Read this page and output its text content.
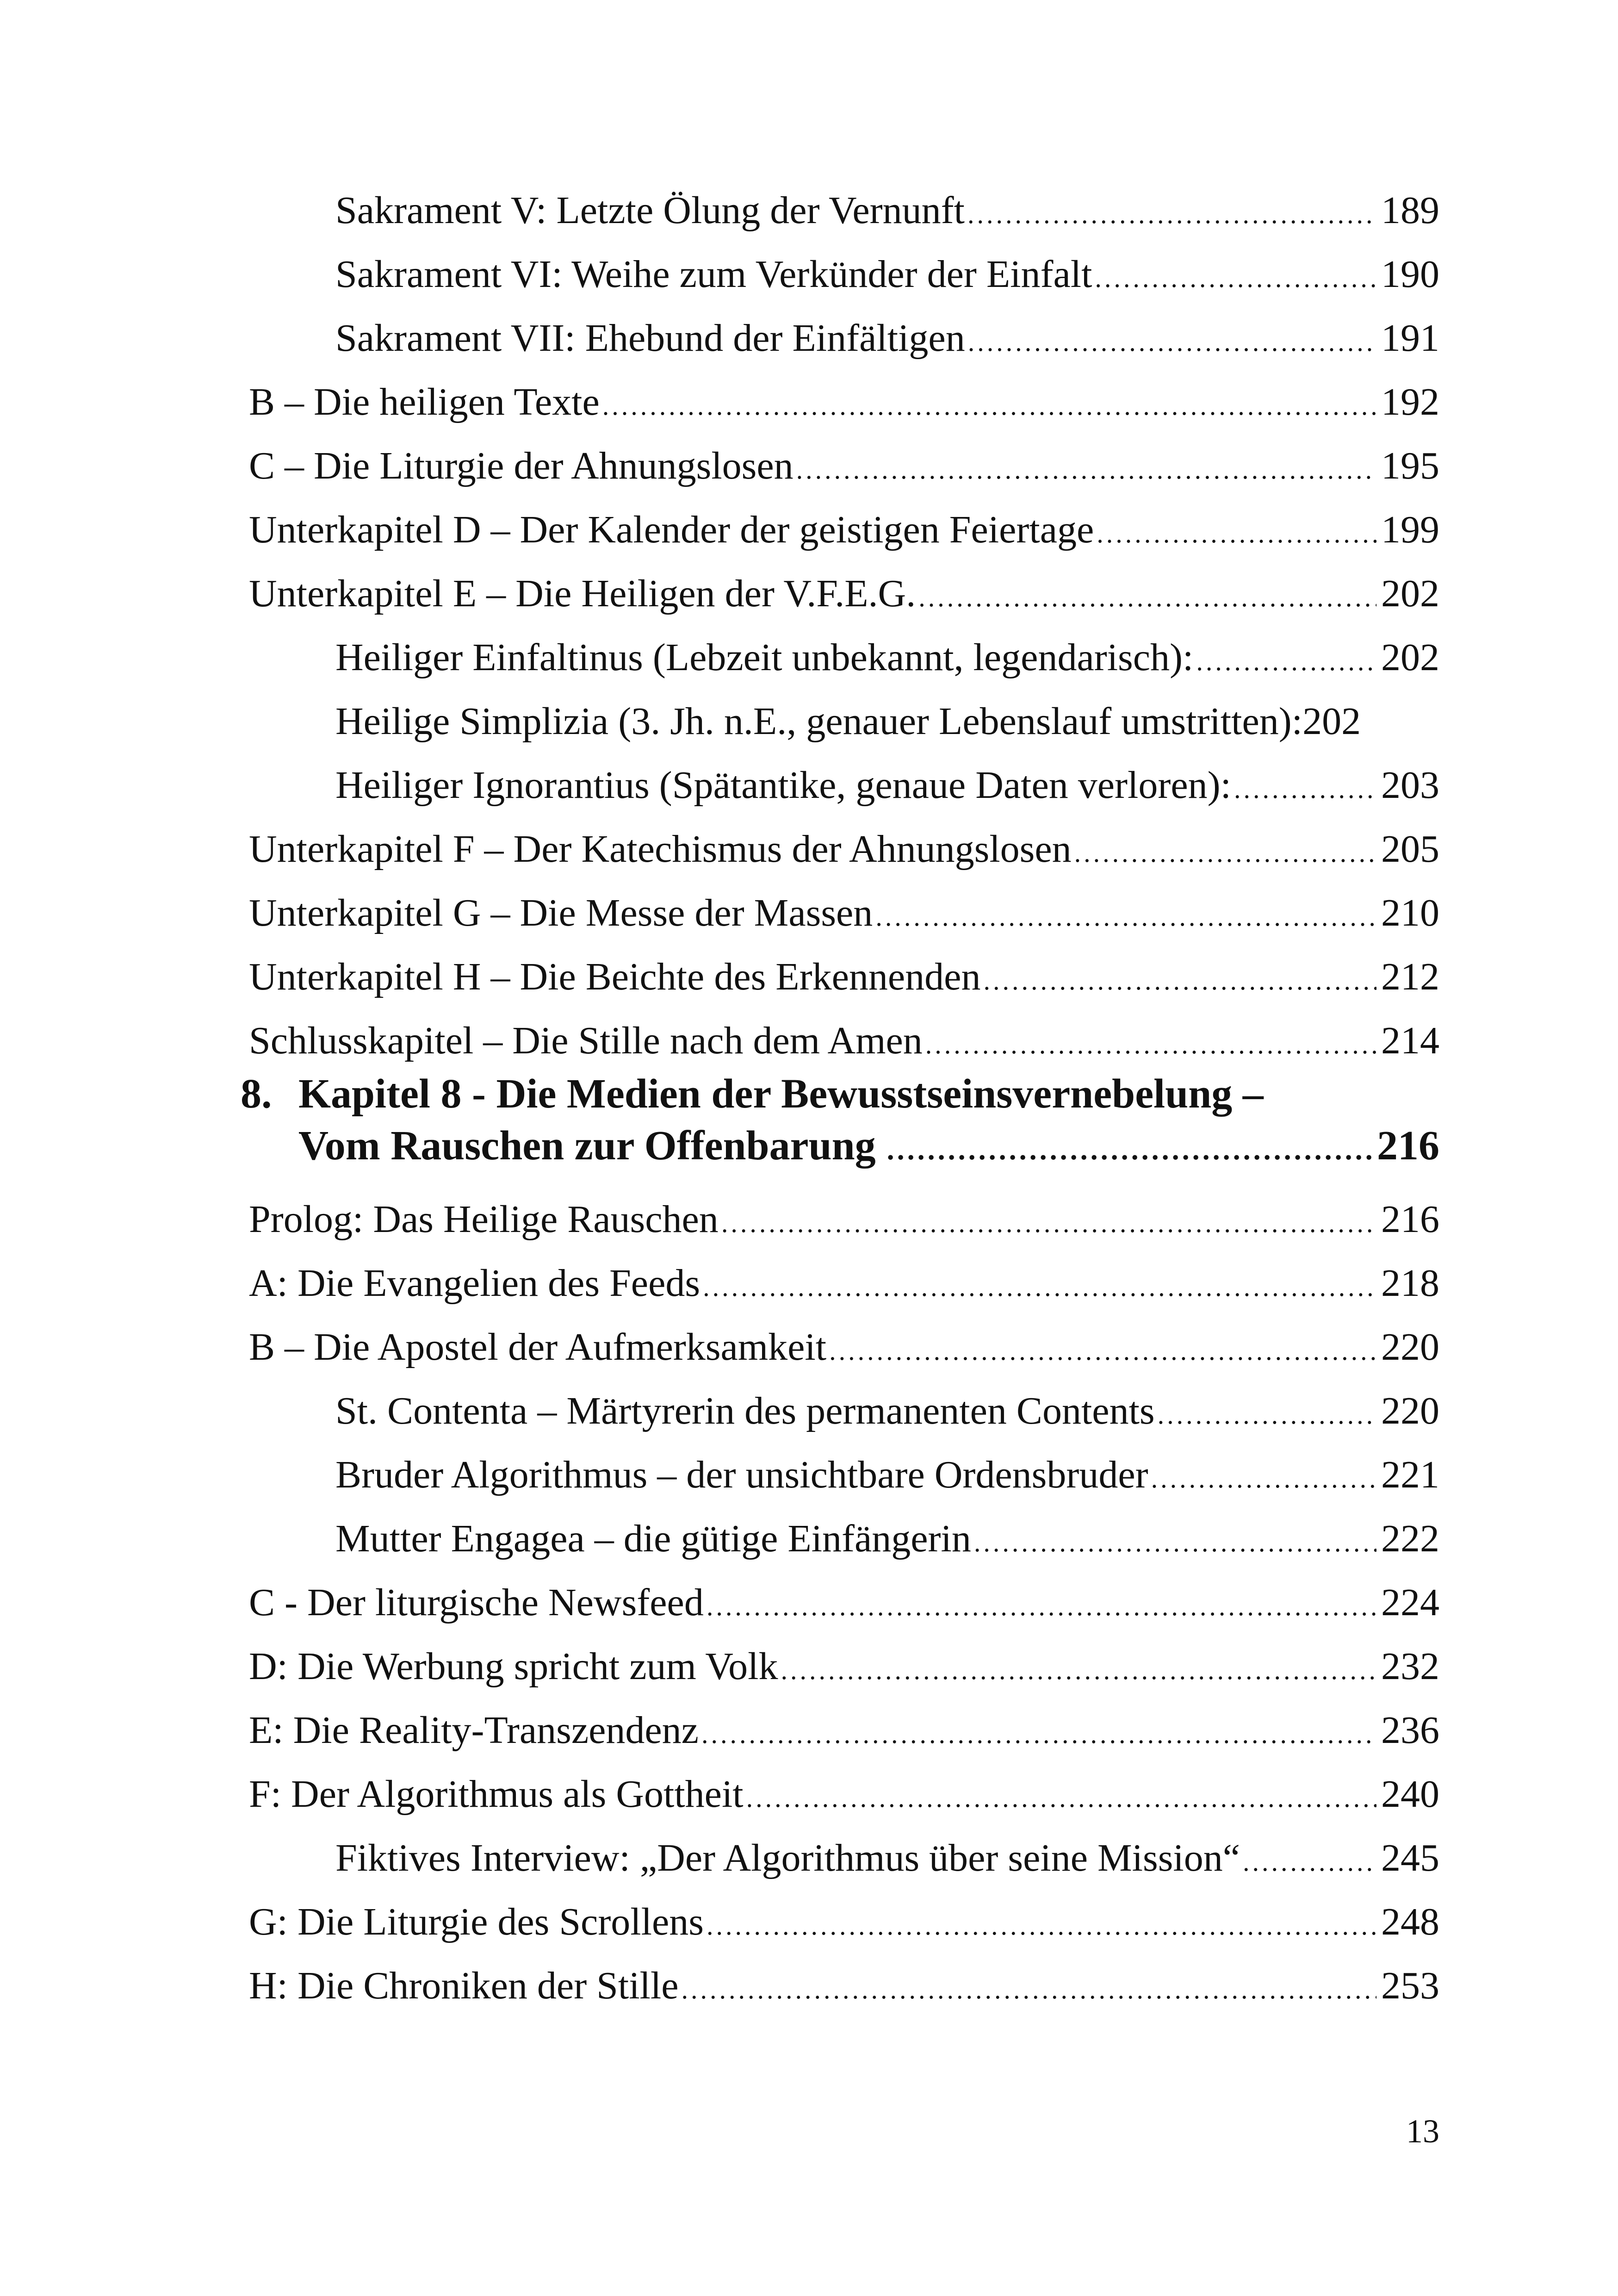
Sakrament V: Letzte Ölung der Vernunft .....	189
Sakrament VI: Weihe zum Verkünder der Einfalt .....	190
Sakrament VII: Ehebund der Einfältigen .....	191
B – Die heiligen Texte .....	192
C – Die Liturgie der Ahnungslosen .....	195
Unterkapitel D – Der Kalender der geistigen Feiertage .....	199
Unterkapitel E – Die Heiligen der V.F.E.G. .....	202
Heiliger Einfaltinus (Lebzeit unbekannt, legendarisch): .....	202
Heilige Simplizia (3. Jh. n.E., genauer Lebenslauf umstritten): 202
Heiliger Ignorantius (Spätantike, genaue Daten verloren): .....	203
Unterkapitel F – Der Katechismus der Ahnungslosen .....	205
Unterkapitel G – Die Messe der Massen .....	210
Unterkapitel H – Die Beichte des Erkennenden .....	212
Schlusskapitel – Die Stille nach dem Amen .....	214
8. Kapitel 8 - Die Medien der Bewusstseinsvernebelung –
Vom Rauschen zur Offenbarung .....	216
Prolog: Das Heilige Rauschen .....	216
A: Die Evangelien des Feeds .....	218
B – Die Apostel der Aufmerksamkeit .....	220
St. Contenta – Märtyrerin des permanenten Contents .....	220
Bruder Algorithmus – der unsichtbare Ordensbruder .....	221
Mutter Engagea – die gütige Einfängerin .....	222
C - Der liturgische Newsfeed .....	224
D: Die Werbung spricht zum Volk .....	232
E: Die Reality-Transzendenz .....	236
F: Der Algorithmus als Gottheit .....	240
Fiktives Interview: „Der Algorithmus über seine Mission“ .....	245
G: Die Liturgie des Scrollens .....	248
H: Die Chroniken der Stille .....	253
13
